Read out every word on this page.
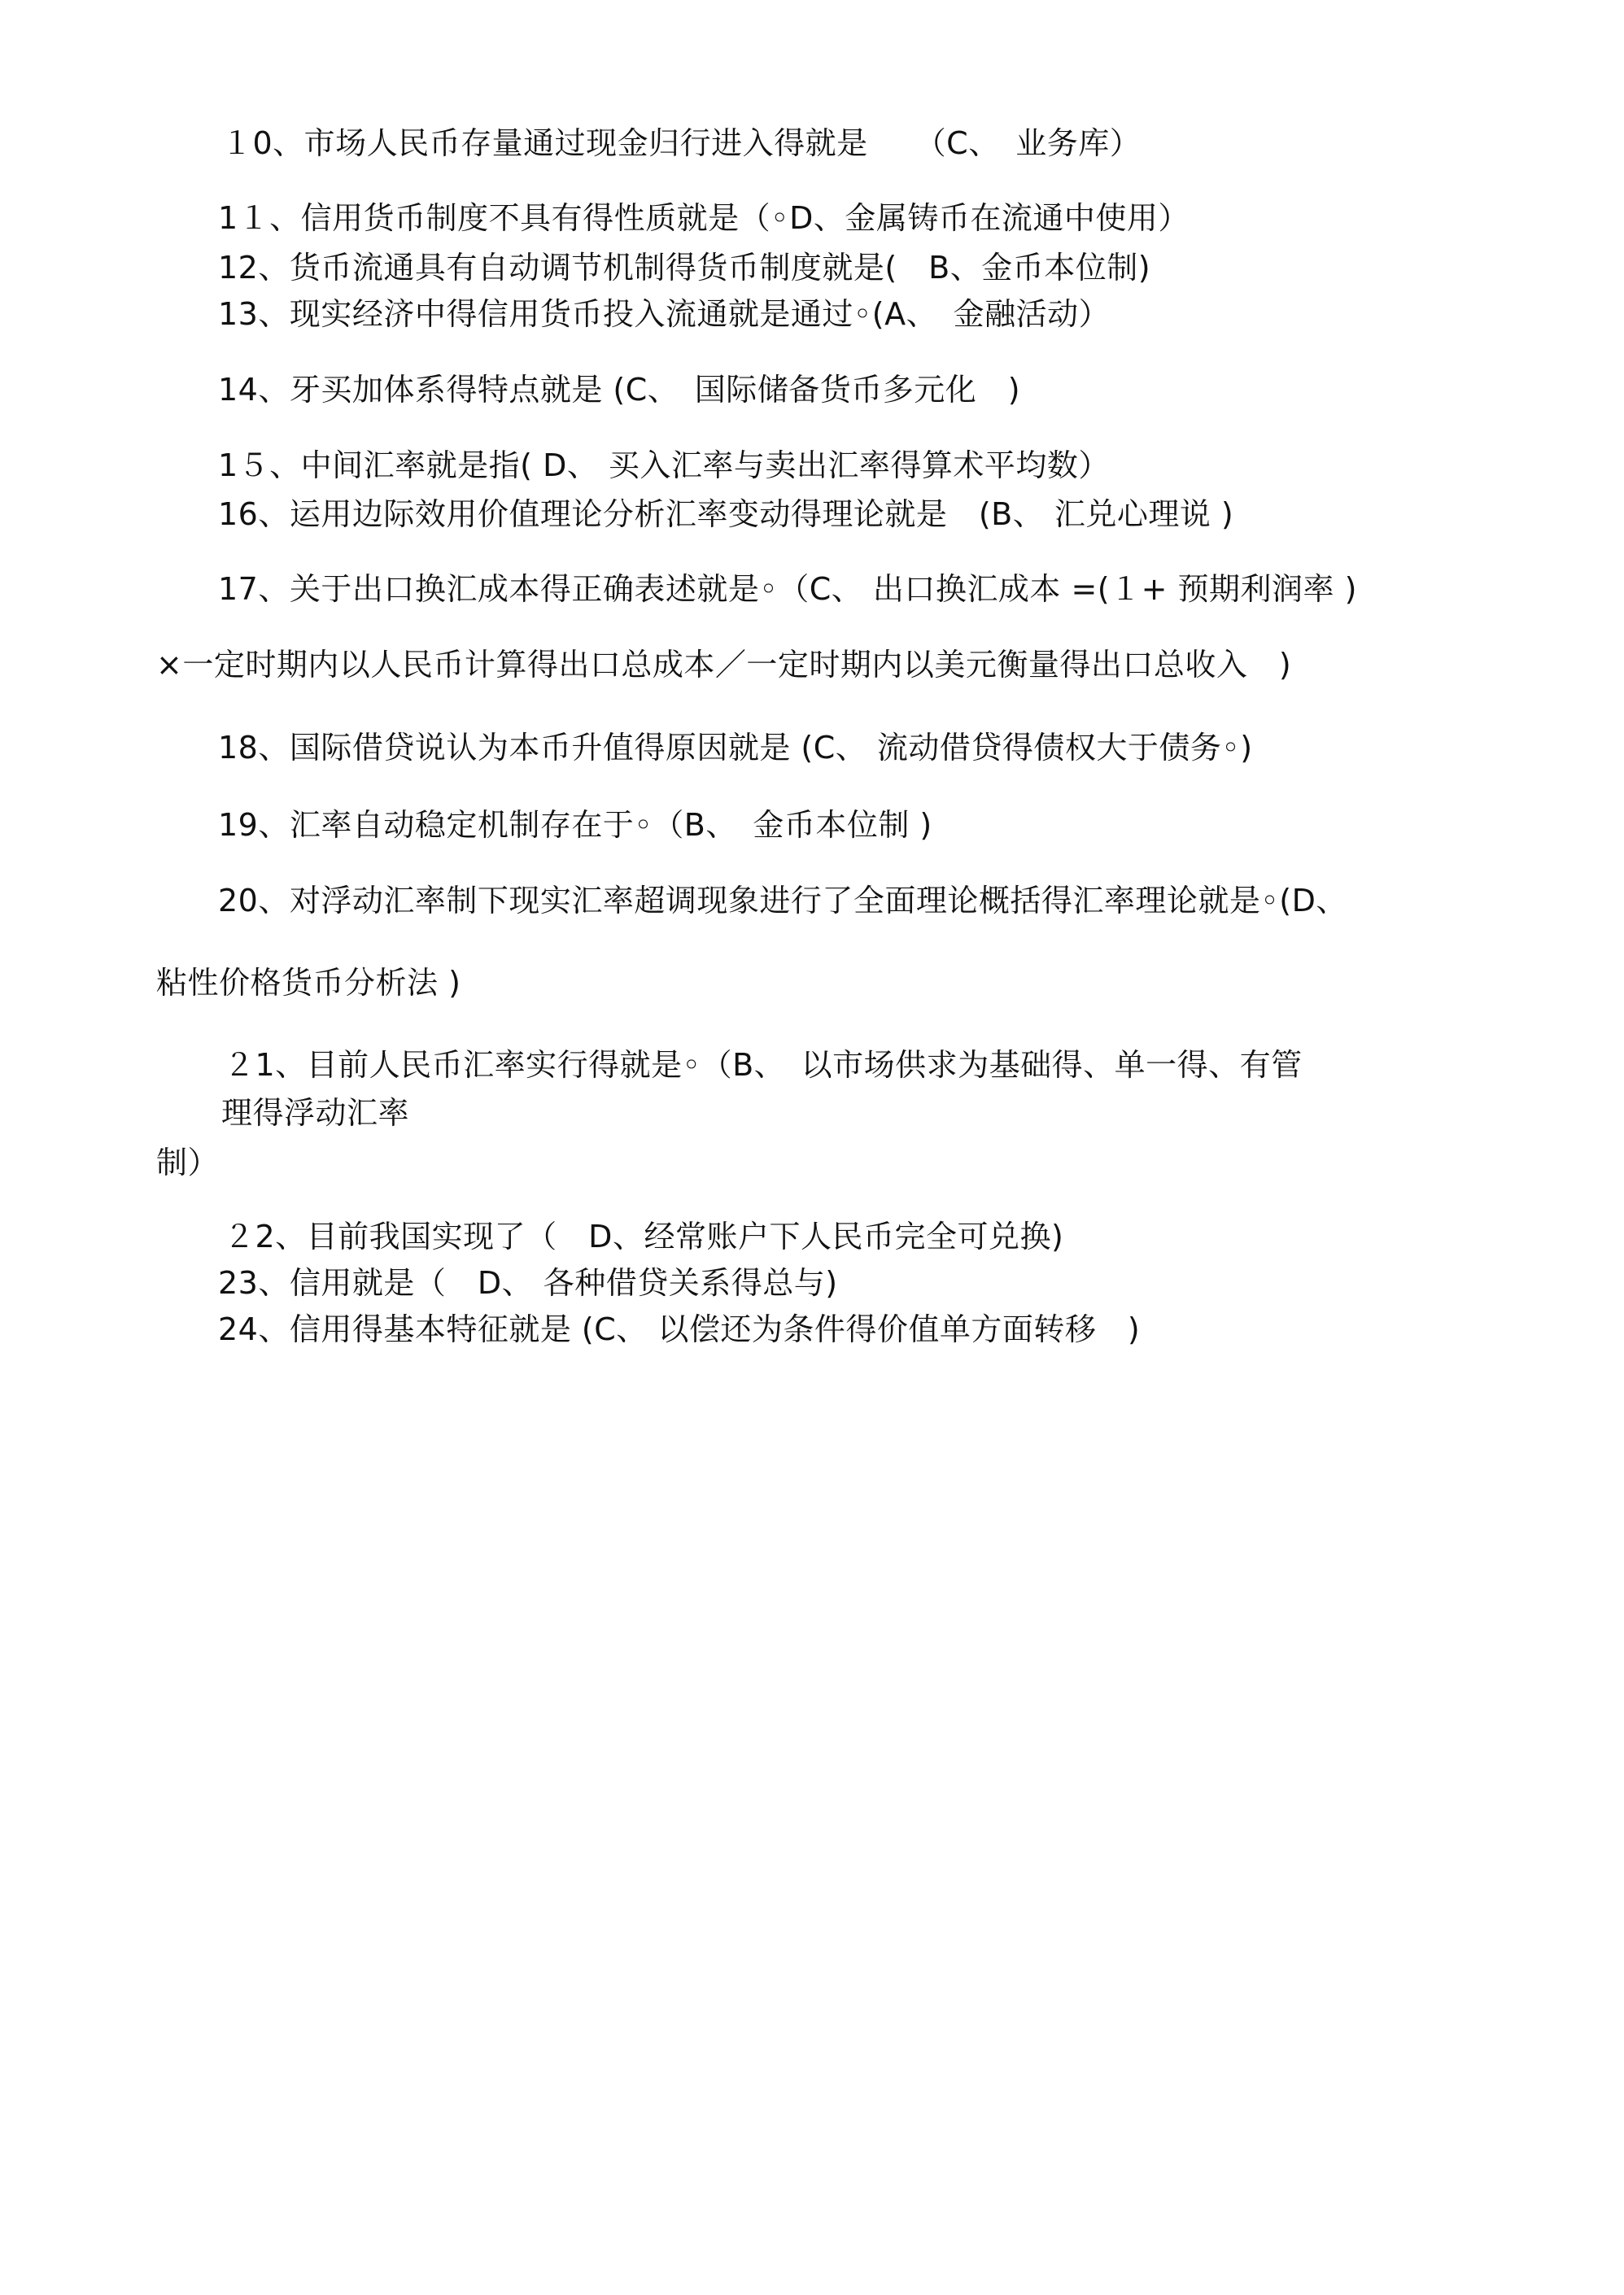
１0、市场人民币存量通过现金归行进入得就是　　（C、　业务库）
1１、信用货币制度不具有得性质就是（◦D、金属铸币在流通中使用）
12、货币流通具有自动调节机制得货币制度就是(　B、金币本位制)
13、现实经济中得信用货币投入流通就是通过◦(A、　金融活动）
14、牙买加体系得特点就是 (C、　国际储备货币多元化　)
1５、中间汇率就是指( D、 买入汇率与卖出汇率得算术平均数）
16、运用边际效用价值理论分析汇率变动得理论就是　(B、 汇兑心理说 )
17、关于出口换汇成本得正确表述就是◦（C、 出口换汇成本 =(１+ 预期利润率 )
×一定时期内以人民币计算得出口总成本／一定时期内以美元衡量得出口总收入　)
18、国际借贷说认为本币升值得原因就是 (C、 流动借贷得债权大于债务◦)
19、汇率自动稳定机制存在于◦（B、　金币本位制 )
20、对浮动汇率制下现实汇率超调现象进行了全面理论概括得汇率理论就是◦(D、
粘性价格货币分析法 )
２1、目前人民币汇率实行得就是◦（B、　以市场供求为基础得、单一得、有管
理得浮动汇率
制）
２2、目前我国实现了（　D、经常账户下人民币完全可兑换)
23、信用就是（　D、 各种借贷关系得总与)
24、信用得基本特征就是 (C、 以偿还为条件得价值单方面转移　)
